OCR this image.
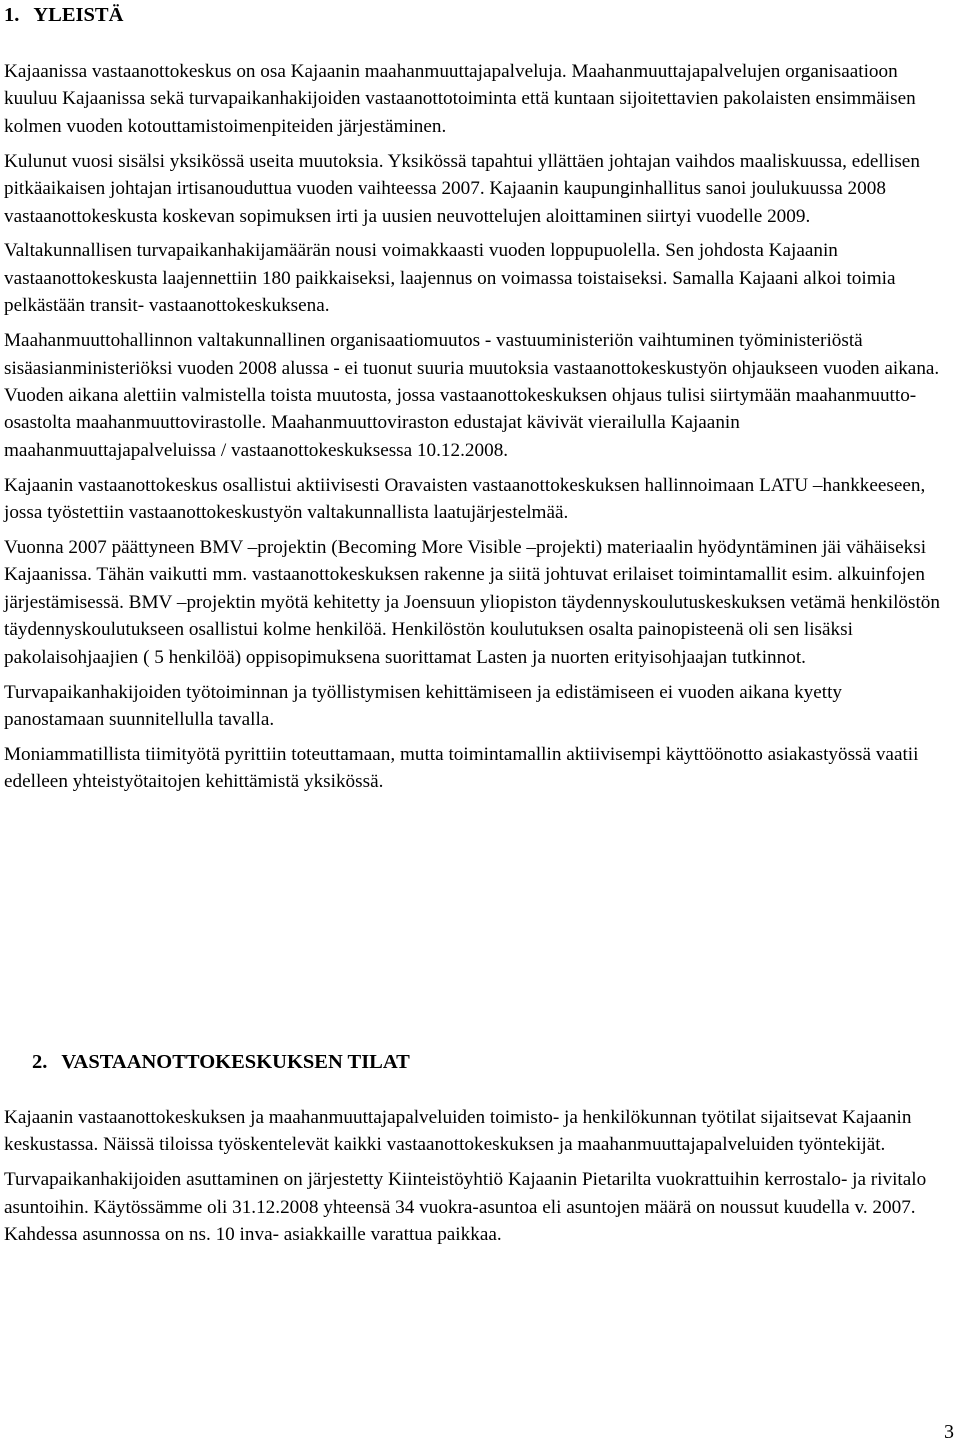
1. YLEISTÄ

Kajaanissa vastaanottokeskus on osa Kajaanin maahanmuuttajapalveluja. Maahanmuuttajapalvelujen organisaatioon kuuluu Kajaanissa sekä turvapaikanhakijoiden vastaanottotoiminta että kuntaan sijoitettavien pakolaisten ensimmäisen kolmen vuoden kotouttamistoimenpiteiden järjestäminen.

Kulunut vuosi sisälsi yksikössä useita muutoksia. Yksikössä tapahtui yllättäen johtajan vaihdos maaliskuussa, edellisen pitkäaikaisen johtajan irtisanouduttua vuoden vaihteessa 2007. Kajaanin kaupunginhallitus sanoi joulukuussa 2008 vastaanottokeskusta koskevan sopimuksen irti ja uusien neuvottelujen aloittaminen siirtyi vuodelle 2009.

Valtakunnallisen turvapaikanhakijamäärän nousi voimakkaasti vuoden loppupuolella. Sen johdosta Kajaanin vastaanottokeskusta laajennettiin 180 paikkaiseksi, laajennus on voimassa toistaiseksi. Samalla Kajaani alkoi toimia pelkästään transit- vastaanottokeskuksena.

Maahanmuuttohallinnon valtakunnallinen organisaatiomuutos - vastuuministeriön vaihtuminen työministeriöstä sisäasianministeriöksi vuoden 2008 alussa - ei tuonut suuria muutoksia vastaanottokeskustyön ohjaukseen vuoden aikana. Vuoden aikana alettiin valmistella toista muutosta, jossa vastaanottokeskuksen ohjaus tulisi siirtymään maahanmuutto-osastolta maahanmuuttovirastolle. Maahanmuuttoviraston edustajat kävivät vierailulla Kajaanin maahanmuuttajapalveluissa / vastaanottokeskuksessa 10.12.2008.

Kajaanin vastaanottokeskus osallistui aktiivisesti Oravaisten vastaanottokeskuksen hallinnoimaan LATU –hankkeeseen, jossa työstettiin vastaanottokeskustyön valtakunnallista laatujärjestelmää.

Vuonna 2007 päättyneen BMV –projektin (Becoming More Visible –projekti) materiaalin hyödyntäminen jäi vähäiseksi Kajaanissa. Tähän vaikutti mm. vastaanottokeskuksen rakenne ja siitä johtuvat erilaiset toimintamallit esim. alkuinfojen järjestämisessä. BMV –projektin myötä kehitetty ja Joensuun yliopiston täydennyskoulutuskeskuksen vetämä henkilöstön täydennyskoulutukseen osallistui kolme henkilöä. Henkilöstön koulutuksen osalta painopisteenä oli sen lisäksi pakolaisohjaajien ( 5 henkilöä) oppisopimuksena suorittamat Lasten ja nuorten erityisohjaajan tutkinnot.

Turvapaikanhakijoiden työtoiminnan ja työllistymisen kehittämiseen ja edistämiseen ei vuoden aikana kyetty panostamaan suunnitellulla tavalla.

Moniammatillista tiimityötä pyrittiin toteuttamaan, mutta toimintamallin aktiivisempi käyttöönotto asiakastyössä vaatii edelleen yhteistyötaitojen kehittämistä yksikössä.

2. VASTAANOTTOKESKUKSEN TILAT

Kajaanin vastaanottokeskuksen ja maahanmuuttajapalveluiden toimisto- ja henkilökunnan työtilat sijaitsevat Kajaanin keskustassa. Näissä tiloissa työskentelevät kaikki vastaanottokeskuksen ja maahanmuuttajapalveluiden työntekijät.

Turvapaikanhakijoiden asuttaminen on järjestetty Kiinteistöyhtiö Kajaanin Pietarilta vuokrattuihin kerrostalo- ja rivitalo asuntoihin. Käytössämme oli 31.12.2008 yhteensä 34 vuokra-asuntoa eli asuntojen määrä on noussut kuudella v. 2007. Kahdessa asunnossa on ns. 10 inva- asiakkaille varattua paikkaa.

3
